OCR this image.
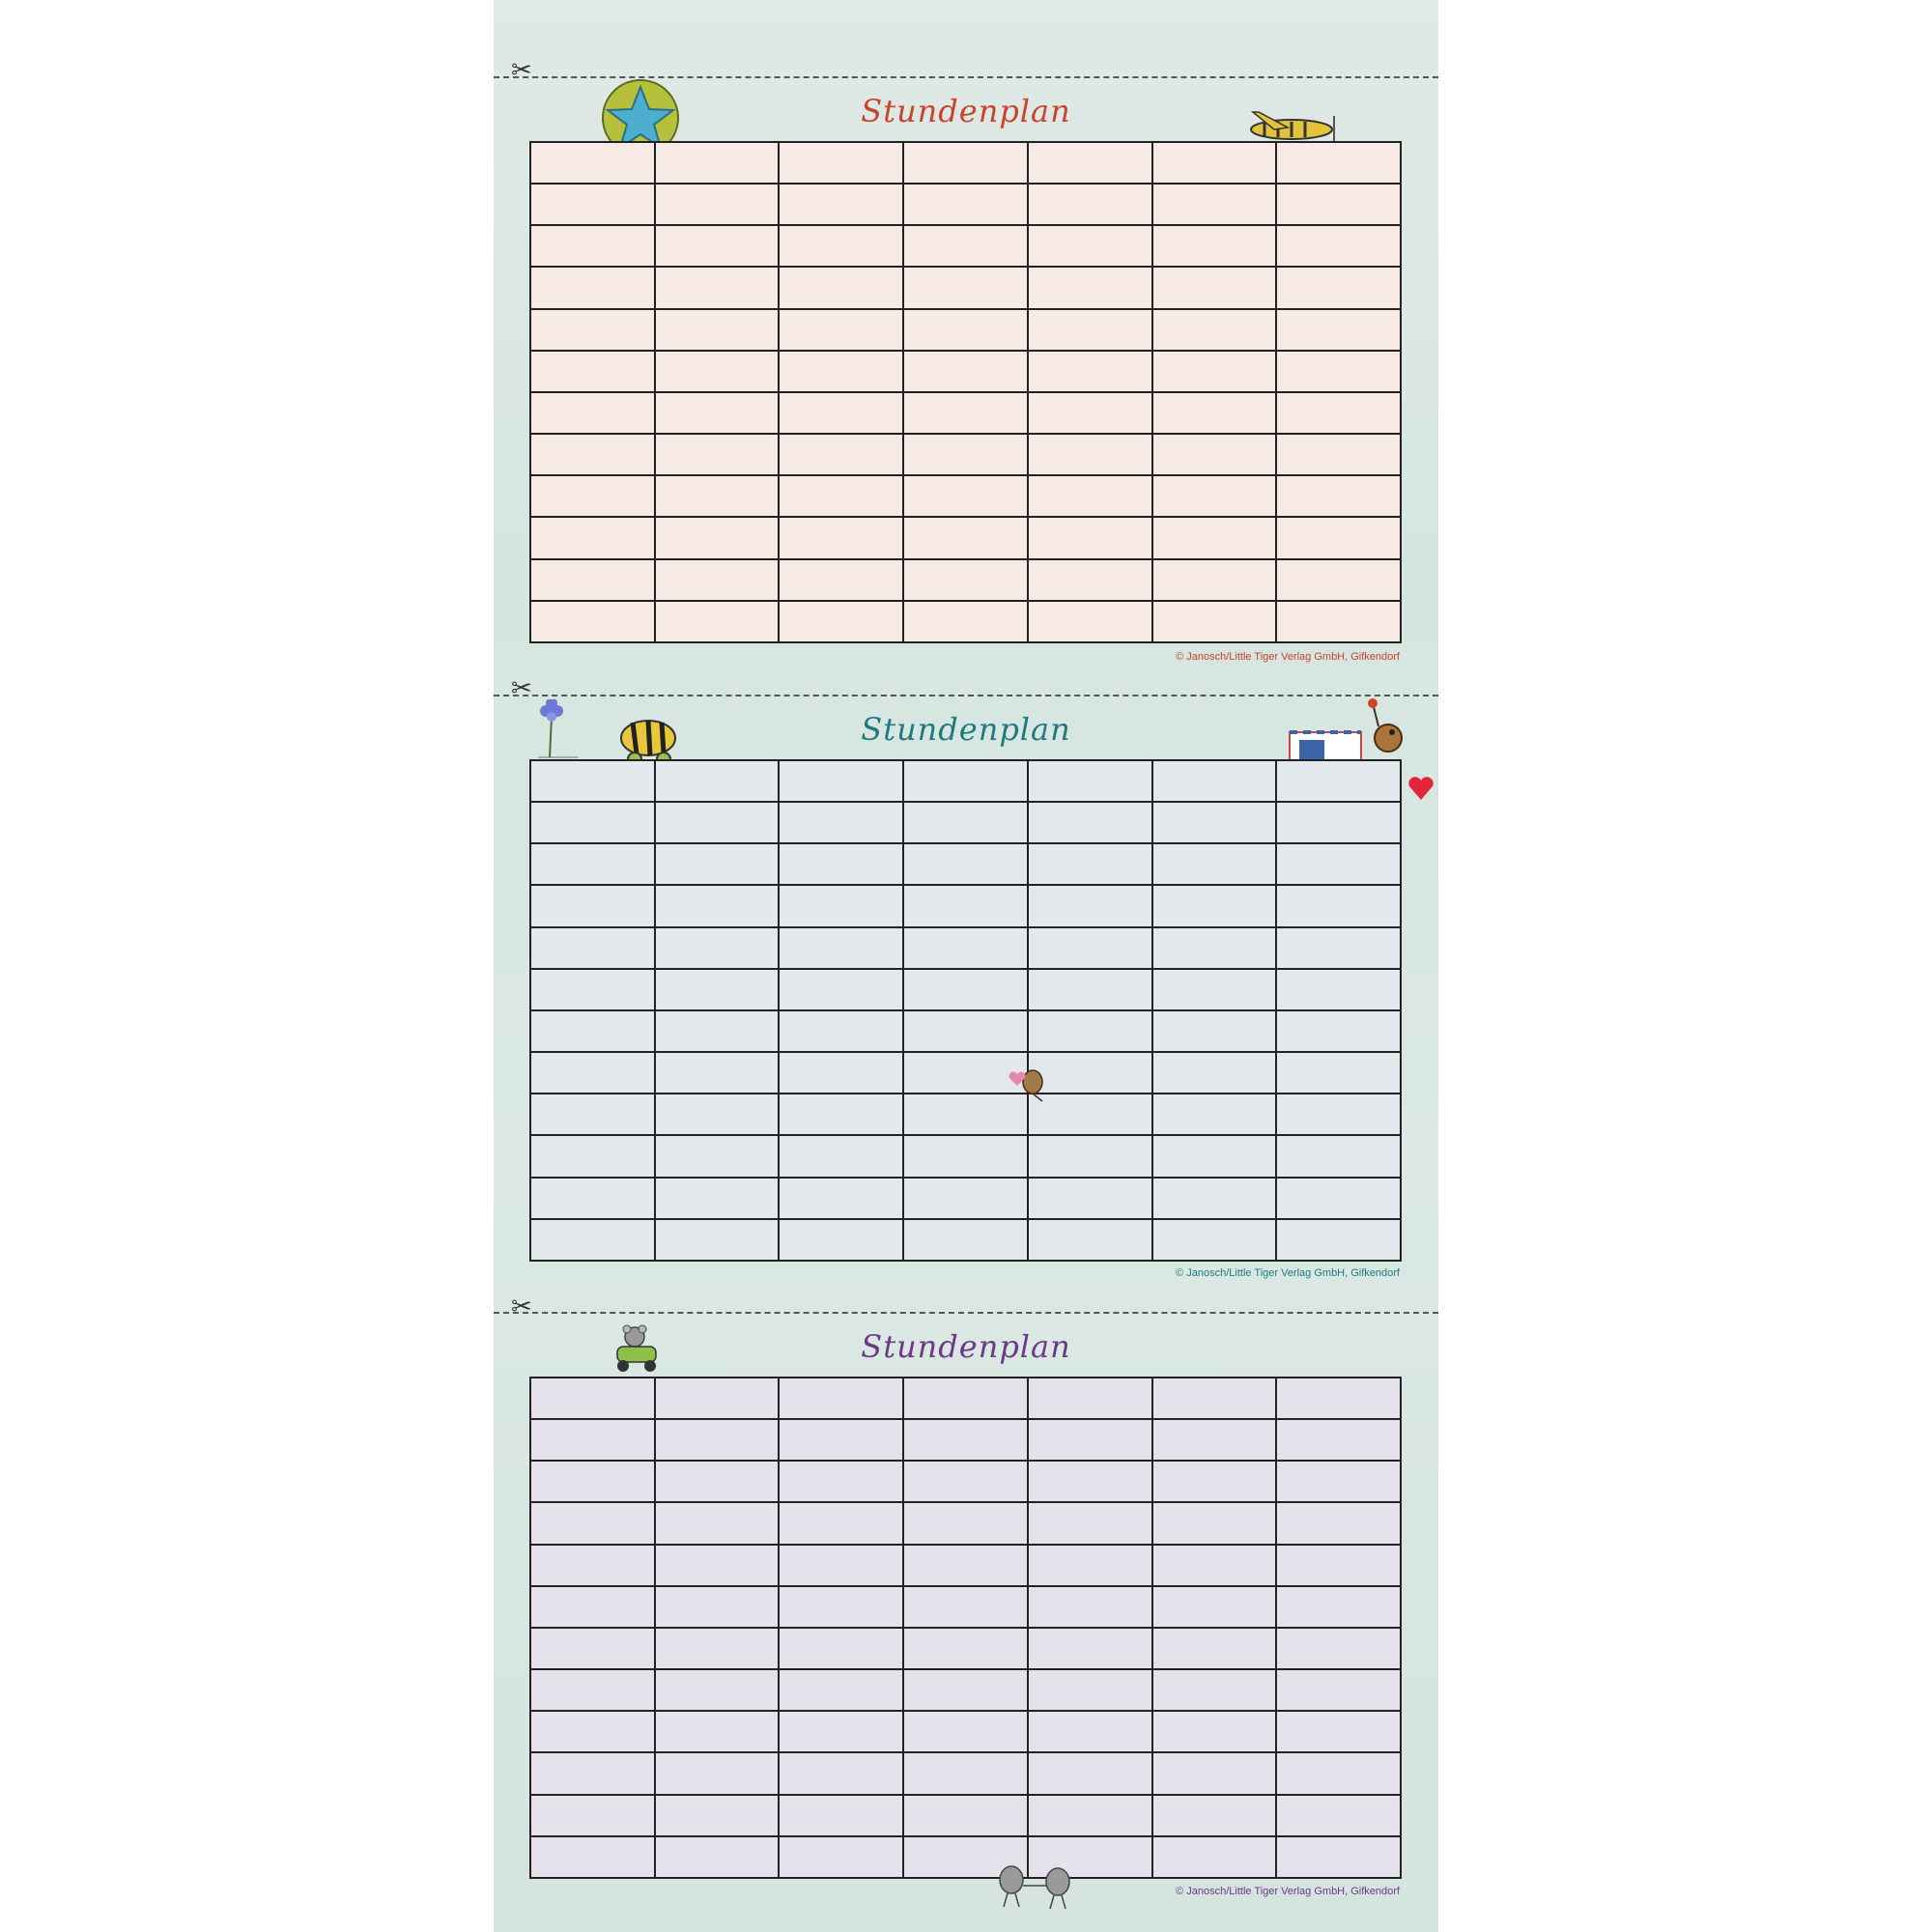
✂
Stundenplan

© Janosch/Little Tiger Verlag GmbH, Gifkendorf
✂
Stundenplan

© Janosch/Little Tiger Verlag GmbH, Gifkendorf
✂
Stundenplan

© Janosch/Little Tiger Verlag GmbH, Gifkendorf
